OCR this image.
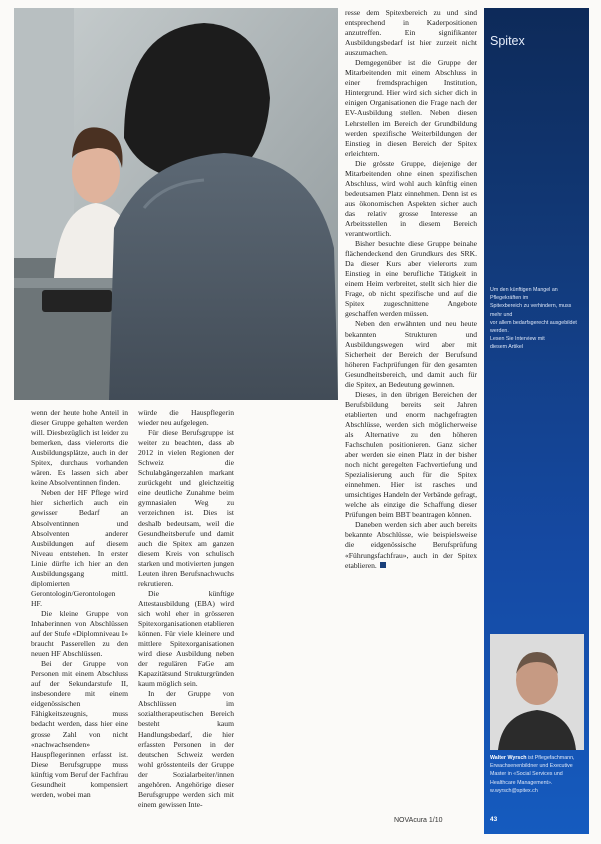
wenn der heute hohe Anteil in dieser Gruppe gehalten werden will. Diesbezüglich ist leider zu bemerken, dass vielerorts die Ausbildungsplätze, auch in der Spitex, durchaus vorhanden wären. Es lassen sich aber keine Absolventinnen finden.

Neben der HF Pflege wird hier sicherlich auch ein gewisser Bedarf an Absolventinnen und Absolventen anderer Ausbildungen auf diesem Niveau entstehen. In erster Linie dürfte ich hier an den Ausbildungsgang mittl. diplomierten Gerontologin/Gerontologen HF.

Die kleine Gruppe von Inhaberinnen von Abschlüssen auf der Stufe «Diplomniveau I» braucht Passerellen zu den neuen HF Abschlüssen.

Bei der Gruppe von Personen mit einem Abschluss auf der Sekundarstufe II, insbesondere mit einem eidgenössischen Fähigkeitszeugnis, muss bedacht werden, dass hier eine grosse Zahl von nicht «nachwachsenden» Hauspflegerinnen erfasst ist. Diese Berufsgruppe muss künftig vom Beruf der Fachfrau Gesundheit kompensiert werden, wobei man

würde die Hauspflegerin wieder neu aufgelegen.

Für diese Berufsgruppe ist weiter zu beachten, dass ab 2012 in vielen Regionen der Schweiz die Schulabgängerzahlen markant zurückgeht und gleichzeitig eine deutliche Zunahme beim gymnasialen Weg zu verzeichnen ist. Dies ist deshalb bedeutsam, weil die Gesundheitsberufe und damit auch die Spitex am ganzen diesem Kreis von schulisch starken und motivierten jungen Leuten ihren Berufsnachwuchs rekrutieren.

Die künftige Attestausbildung (EBA) wird sich wohl eher in grösseren Spitexorganisationen etablieren können. Für viele kleinere und mittlere Spitexorganisationen wird diese Ausbildung neben der regulären FaGe am Kapazitätsund Strukturgründen kaum möglich sein.

In der Gruppe von Abschlüssen im sozialtherapeutischen Bereich besteht kaum Handlungsbedarf, die hier erfassten Personen in der deutschen Schweiz werden wohl grösstenteils der Gruppe der Sozialarbeiter/innen angehören. Angehörige dieser Berufsgruppe werden sich mit einem gewissen Inte-

resse dem Spitexbereich zu und sind entsprechend in Kaderpositionen anzutreffen. Ein signifikanter Ausbildungsbedarf ist hier zurzeit nicht auszumachen.

Demgegenüber ist die Gruppe der Mitarbeitenden mit einem Abschluss in einer fremdsprachigen Institution, Hintergrund. Hier wird sich sicher dich in einigen Organisationen die Frage nach der EV-Ausbildung stellen. Neben diesen Lehrstellen im Bereich der Grundbildung werden spezifische Weiterbildungen der Einstieg in diesen Bereich der Spitex erleichtern.

Die grösste Gruppe, diejenige der Mitarbeitenden ohne einen spezifischen Abschluss, wird wohl auch künftig einen bedeutsamen Platz einnehmen. Denn ist es aus ökonomischen Aspekten sicher auch das relativ grosse Interesse an Arbeitsstellen in diesem Bereich verantwortlich.

Bisher besuchte diese Gruppe beinahe flächendeckend den Grundkurs des SRK. Da dieser Kurs aber vielerorts zum Einstieg in eine berufliche Tätigkeit in einem Heim verbreitet, stellt sich hier die Frage, ob nicht spezifische und auf die Spitex zugeschnittene Angebote geschaffen werden müssen.

Neben den erwähnten und neu heute bekannten Strukturen und Ausbildungswegen wird aber mit Sicherheit der Bereich der Berufsund höheren Fachprüfungen für den gesamten Gesundheitsbereich, und damit auch für die Spitex, an Bedeutung gewinnen.

Dieses, in den übrigen Bereichen der Berufsbildung bereits seit Jahren etablierten und enorm nachgefragten Abschlüsse, werden sich möglicherweise als Alternative zu den höheren Fachschulen positionieren. Ganz sicher aber werden sie einen Platz in der bisher noch nicht geregelten Fachvertiefung und Spezialisierung auch für die Spitex einnehmen. Hier ist rasches und umsichtiges Handeln der Verbände gefragt, welche als einzige die Schaffung dieser Prüfungen beim BBT beantragen können.

Daneben werden sich aber auch bereits bekannte Abschlüsse, wie beispielsweise die eidgenössische Berufsprüfung «Führungsfachfrau», auch in der Spitex etablieren.

Spitex

Um den künftigen Mangel an Pflegekräften im

Spitexbereich zu verhindern, muss mehr und

vor allem bedarfsgerecht ausgebildet werden.

Lesen Sie Interview mit

diesem Artikel

Walter Wyrsch ist Pflegefachmann, Erwachsenenbildner und Executive Master in «Social Services und Healthcare Management». w.wyrsch@spitex.ch
43
NOVAcura 1/10
